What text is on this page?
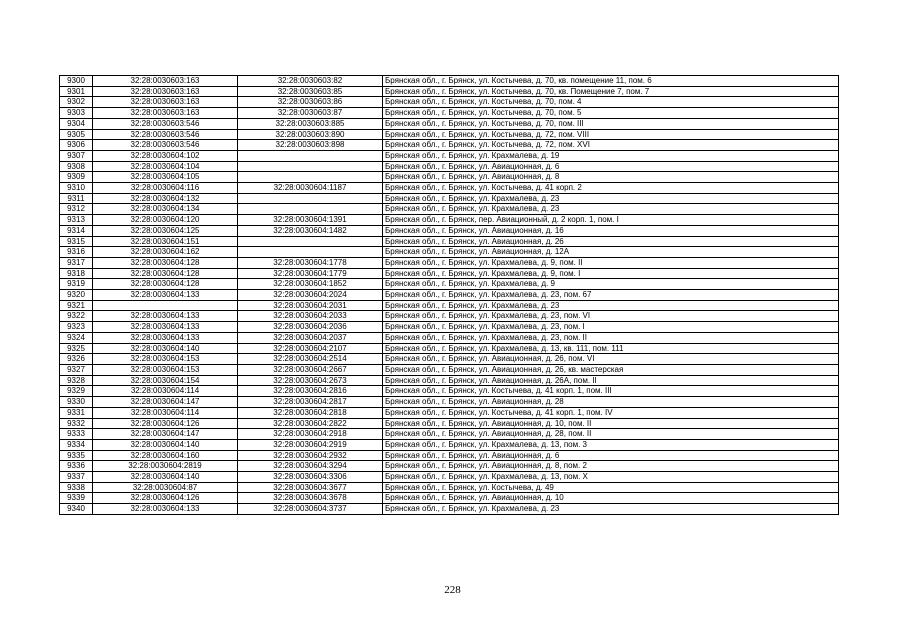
9300	32:28:0030603:163	32:28:0030603:82	Брянская обл., г. Брянск, ул. Костычева, д. 70, кв. помещение 11, пом. 6
9301	32:28:0030603:163	32:28:0030603:85	Брянская обл., г. Брянск, ул. Костычева, д. 70, кв. Помещение 7, пом. 7
9302	32:28:0030603:163	32:28:0030603:86	Брянская обл., г. Брянск, ул. Костычева, д. 70, пом. 4
9303	32:28:0030603:163	32:28:0030603:87	Брянская обл., г. Брянск, ул. Костычева, д. 70, пом. 5
9304	32:28:0030603:546	32:28:0030603:885	Брянская обл., г. Брянск, ул. Костычева, д. 70, пом. III
9305	32:28:0030603:546	32:28:0030603:890	Брянская обл., г. Брянск, ул. Костычева, д. 72, пом. VIII
9306	32:28:0030603:546	32:28:0030603:898	Брянская обл., г. Брянск, ул. Костычева, д. 72, пом. XVI
9307	32:28:0030604:102		Брянская обл., г. Брянск, ул. Крахмалева, д. 19
9308	32:28:0030604:104		Брянская обл., г. Брянск, ул. Авиационная, д. 6
9309	32:28:0030604:105		Брянская обл., г. Брянск, ул. Авиационная, д. 8
9310	32:28:0030604:116	32:28:0030604:1187	Брянская обл., г. Брянск, ул. Костычева, д. 41 корп. 2
9311	32:28:0030604:132		Брянская обл., г. Брянск, ул. Крахмалева, д. 23
9312	32:28:0030604:134		Брянская обл., г. Брянск, ул. Крахмалева, д. 23
9313	32:28:0030604:120	32:28:0030604:1391	Брянская обл., г. Брянск, пер. Авиационный, д. 2 корп. 1, пом. I
9314	32:28:0030604:125	32:28:0030604:1482	Брянская обл., г. Брянск, ул. Авиационная, д. 16
9315	32:28:0030604:151		Брянская обл., г. Брянск, ул. Авиационная, д. 26
9316	32:28:0030604:162		Брянская обл., г. Брянск, ул. Авиационная, д. 12А
9317	32:28:0030604:128	32:28:0030604:1778	Брянская обл., г. Брянск, ул. Крахмалева, д. 9, пом. II
9318	32:28:0030604:128	32:28:0030604:1779	Брянская обл., г. Брянск, ул. Крахмалева, д. 9, пом. I
9319	32:28:0030604:128	32:28:0030604:1852	Брянская обл., г. Брянск, ул. Крахмалева, д. 9
9320	32:28:0030604:133	32:28:0030604:2024	Брянская обл., г. Брянск, ул. Крахмалева, д. 23, пом. 67
9321		32:28:0030604:2031	Брянская обл., г. Брянск, ул. Крахмалева, д. 23
9322	32:28:0030604:133	32:28:0030604:2033	Брянская обл., г. Брянск, ул. Крахмалева, д. 23, пом. VI
9323	32:28:0030604:133	32:28:0030604:2036	Брянская обл., г. Брянск, ул. Крахмалева, д. 23, пом. I
9324	32:28:0030604:133	32:28:0030604:2037	Брянская обл., г. Брянск, ул. Крахмалева, д. 23, пом. II
9325	32:28:0030604:140	32:28:0030604:2107	Брянская обл., г. Брянск, ул. Крахмалева, д. 13, кв. 111, пом. 111
9326	32:28:0030604:153	32:28:0030604:2514	Брянская обл., г. Брянск, ул. Авиационная, д. 26, пом. VI
9327	32:28:0030604:153	32:28:0030604:2667	Брянская обл., г. Брянск, ул. Авиационная, д. 26, кв. мастерская
9328	32:28:0030604:154	32:28:0030604:2673	Брянская обл., г. Брянск, ул. Авиационная, д. 26А, пом. II
9329	32:28:0030604:114	32:28:0030604:2816	Брянская обл., г. Брянск, ул. Костычева, д. 41 корп. 1, пом. III
9330	32:28:0030604:147	32:28:0030604:2817	Брянская обл., г. Брянск, ул. Авиационная, д. 28
9331	32:28:0030604:114	32:28:0030604:2818	Брянская обл., г. Брянск, ул. Костычева, д. 41 корп. 1, пом. IV
9332	32:28:0030604:126	32:28:0030604:2822	Брянская обл., г. Брянск, ул. Авиационная, д. 10, пом. II
9333	32:28:0030604:147	32:28:0030604:2918	Брянская обл., г. Брянск, ул. Авиационная, д. 28, пом. II
9334	32:28:0030604:140	32:28:0030604:2919	Брянская обл., г. Брянск, ул. Крахмалева, д. 13, пом. 3
9335	32:28:0030604:160	32:28:0030604:2932	Брянская обл., г. Брянск, ул. Авиационная, д. 6
9336	32:28:0030604:2819	32:28:0030604:3294	Брянская обл., г. Брянск, ул. Авиационная, д. 8, пом. 2
9337	32:28:0030604:140	32:28:0030604:3306	Брянская обл., г. Брянск, ул. Крахмалева, д. 13, пом. X
9338	32:28:0030604:87	32:28:0030604:3677	Брянская обл., г. Брянск, ул. Костычева, д. 49
9339	32:28:0030604:126	32:28:0030604:3678	Брянская обл., г. Брянск, ул. Авиационная, д. 10
9340	32:28:0030604:133	32:28:0030604:3737	Брянская обл., г. Брянск, ул. Крахмалева, д. 23
228
